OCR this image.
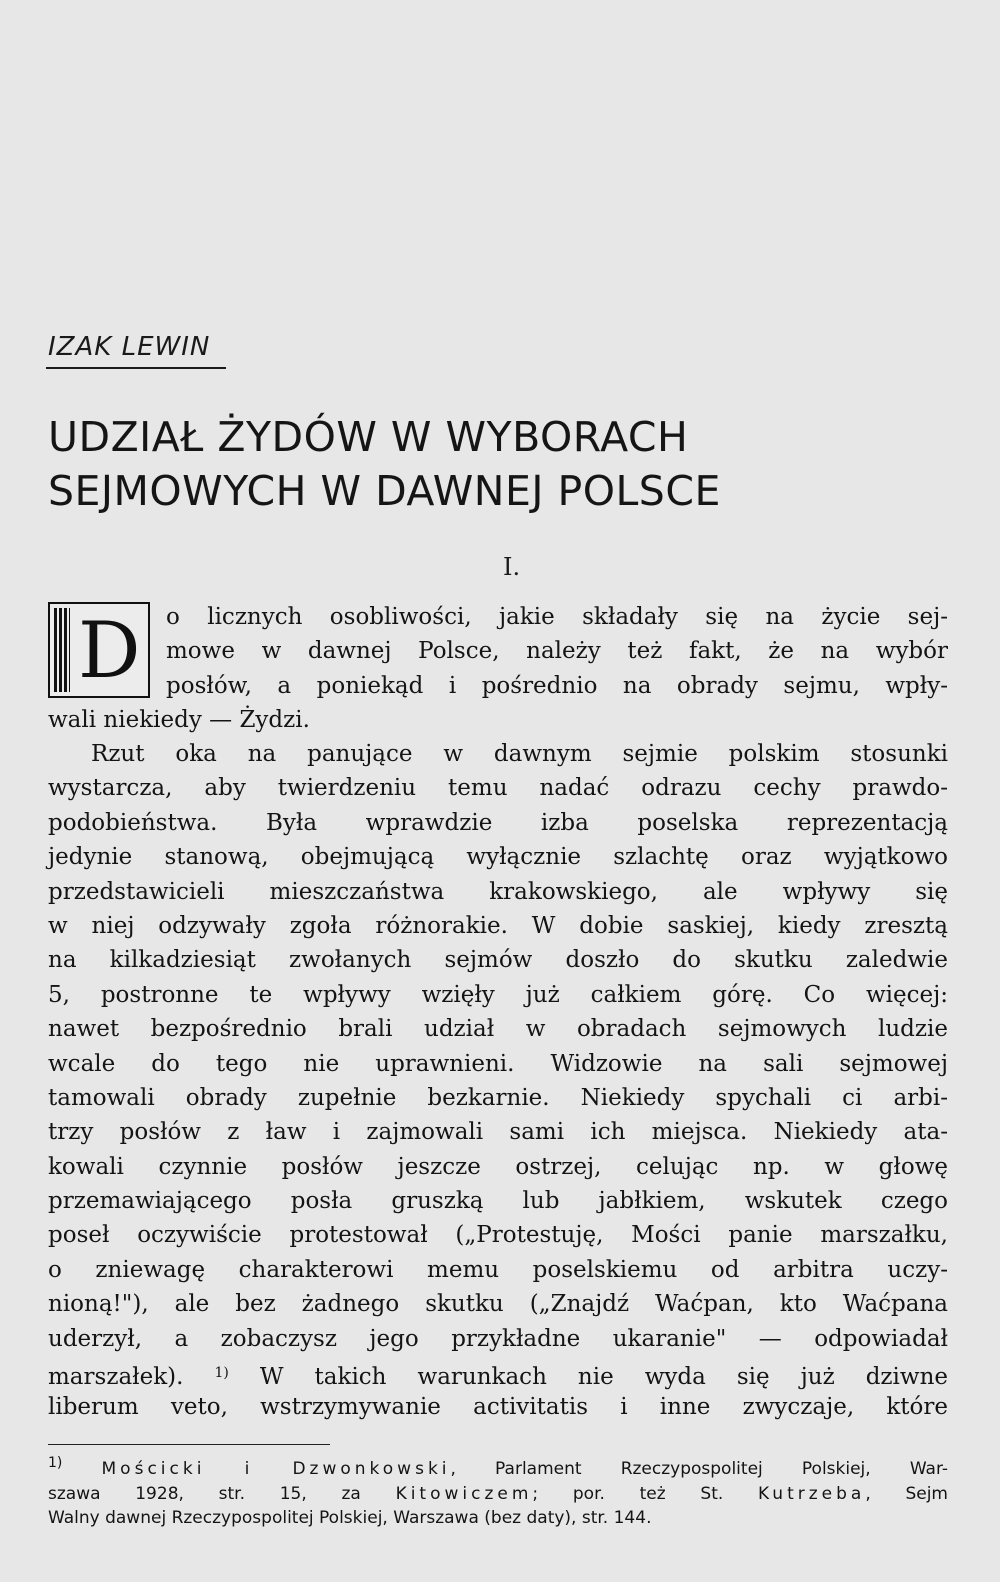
IZAK LEWIN
UDZIAŁ ŻYDÓW W WYBORACH
SEJMOWYCH W DAWNEJ POLSCE
I.
D	o licznych osobliwości, jakie składały się na życie sej-
mowe w dawnej Polsce, należy też fakt, że na wybór
posłów, a poniekąd i pośrednio na obrady sejmu, wpły-
wali niekiedy — Żydzi.
Rzut oka na panujące w dawnym sejmie polskim stosunki
wystarcza, aby twierdzeniu temu nadać odrazu cechy prawdo-
podobieństwa. Była wprawdzie izba poselska reprezentacją
jedynie stanową, obejmującą wyłącznie szlachtę oraz wyjątkowo
przedstawicieli mieszczaństwa krakowskiego, ale wpływy się
w niej odzywały zgoła różnorakie. W dobie saskiej, kiedy zresztą
na kilkadziesiąt zwołanych sejmów doszło do skutku zaledwie
5, postronne te wpływy wzięły już całkiem górę. Co więcej:
nawet bezpośrednio brali udział w obradach sejmowych ludzie
wcale do tego nie uprawnieni. Widzowie na sali sejmowej
tamowali obrady zupełnie bezkarnie. Niekiedy spychali ci arbi-
trzy posłów z ław i zajmowali sami ich miejsca. Niekiedy ata-
kowali czynnie posłów jeszcze ostrzej, celując np. w głowę
przemawiającego posła gruszką lub jabłkiem, wskutek czego
poseł oczywiście protestował („Protestuję, Mości panie marszałku,
o zniewagę charakterowi memu poselskiemu od arbitra uczy-
nioną!"), ale bez żadnego skutku („Znajdź Waćpan, kto Waćpana
uderzył, a zobaczysz jego przykładne ukaranie" — odpowiadał
marszałek). $^{1)}$ W takich warunkach nie wyda się już dziwne
liberum veto, wstrzymywanie activitatis i inne zwyczaje, które
$^{1)}$ Mościcki i Dzwonkowski, Parlament Rzeczypospolitej Polskiej, War-
szawa 1928, str. 15, za Kitowiczem; por. też St. Kutrzeba, Sejm
Walny dawnej Rzeczypospolitej Polskiej, Warszawa (bez daty), str. 144.
